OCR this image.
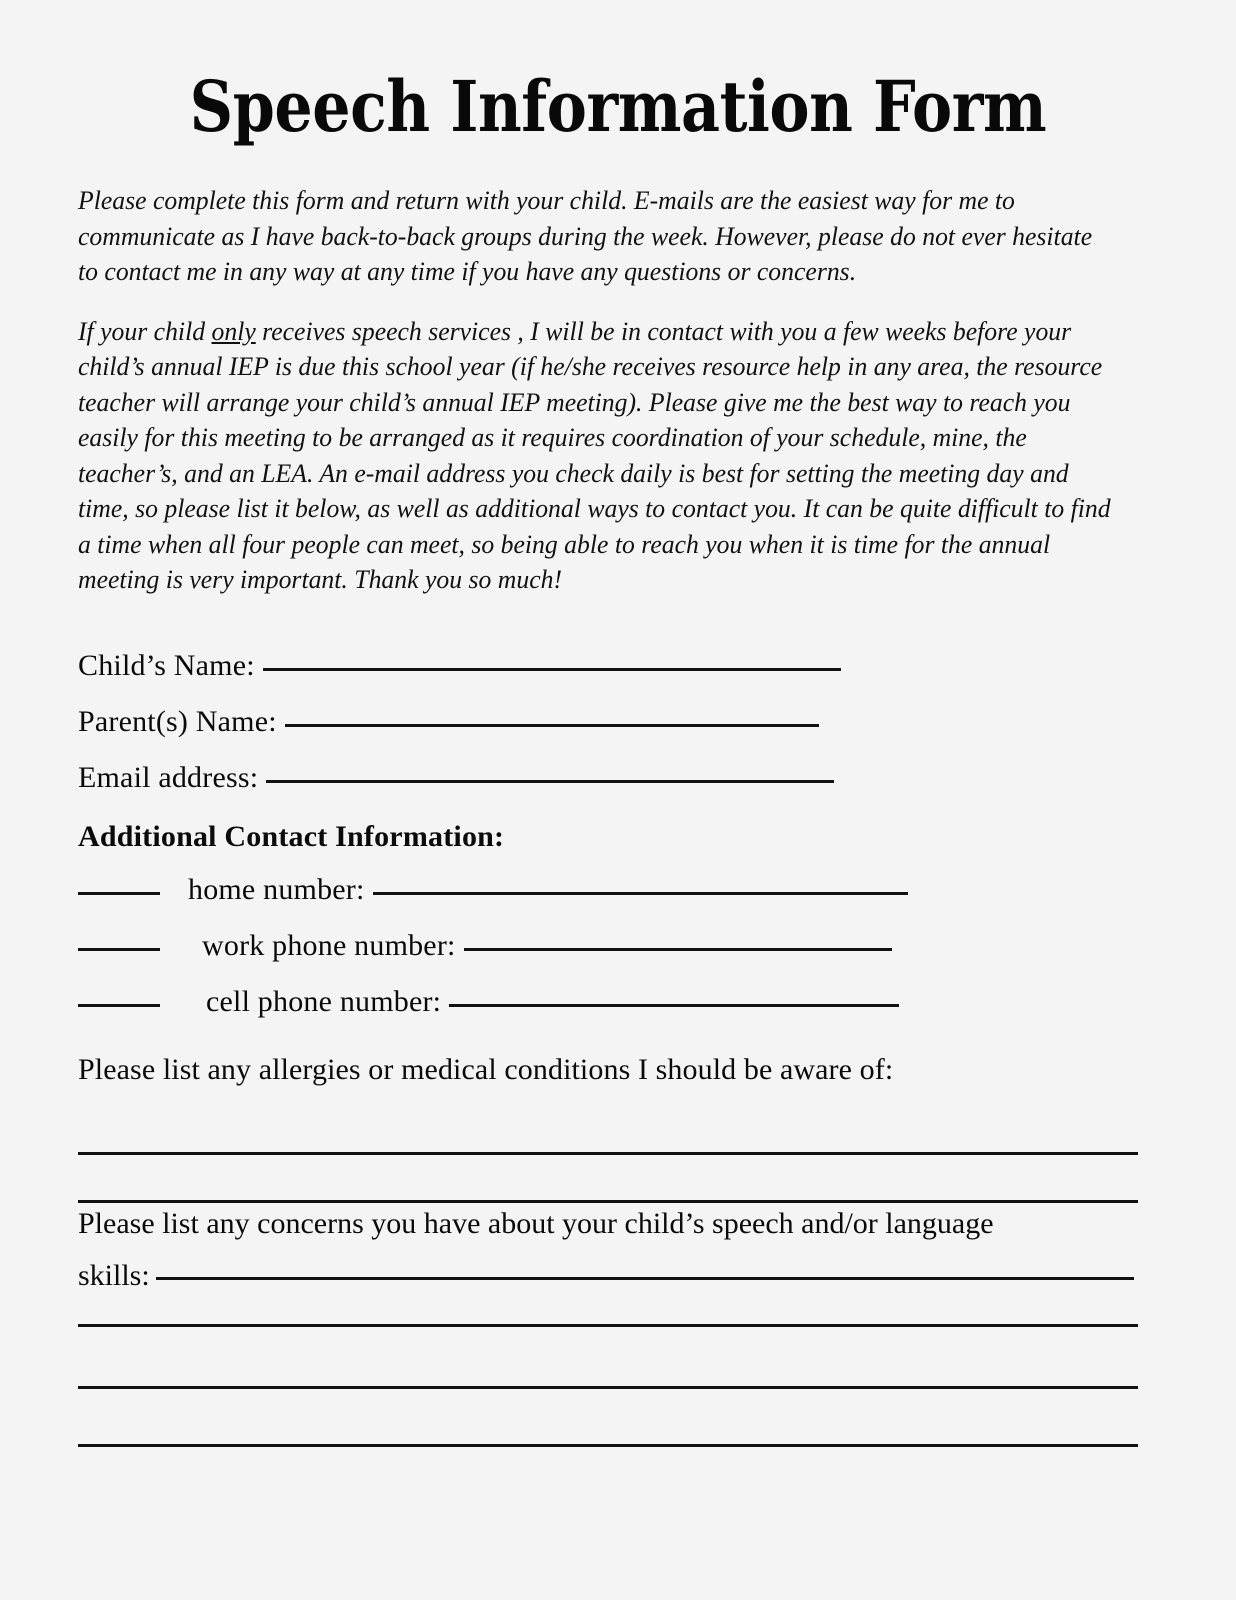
Speech Information Form

Please complete this form and return with your child. E-mails are the easiest way for me to communicate as I have back-to-back groups during the week. However, please do not ever hesitate to contact me in any way at any time if you have any questions or concerns.

If your child only receives speech services , I will be in contact with you a few weeks before your child’s annual IEP is due this school year (if he/she receives resource help in any area, the resource teacher will arrange your child’s annual IEP meeting). Please give me the best way to reach you easily for this meeting to be arranged as it requires coordination of your schedule, mine, the teacher’s, and an LEA. An e-mail address you check daily is best for setting the meeting day and time, so please list it below, as well as additional ways to contact you. It can be quite difficult to find a time when all four people can meet, so being able to reach you when it is time for the annual meeting is very important. Thank you so much!

Child’s Name:
Parent(s) Name:
Email address:
Additional Contact Information:
home number:
work phone number:
cell phone number:
Please list any allergies or medical conditions I should be aware of:
Please list any concerns you have about your child’s speech and/or language
skills:
